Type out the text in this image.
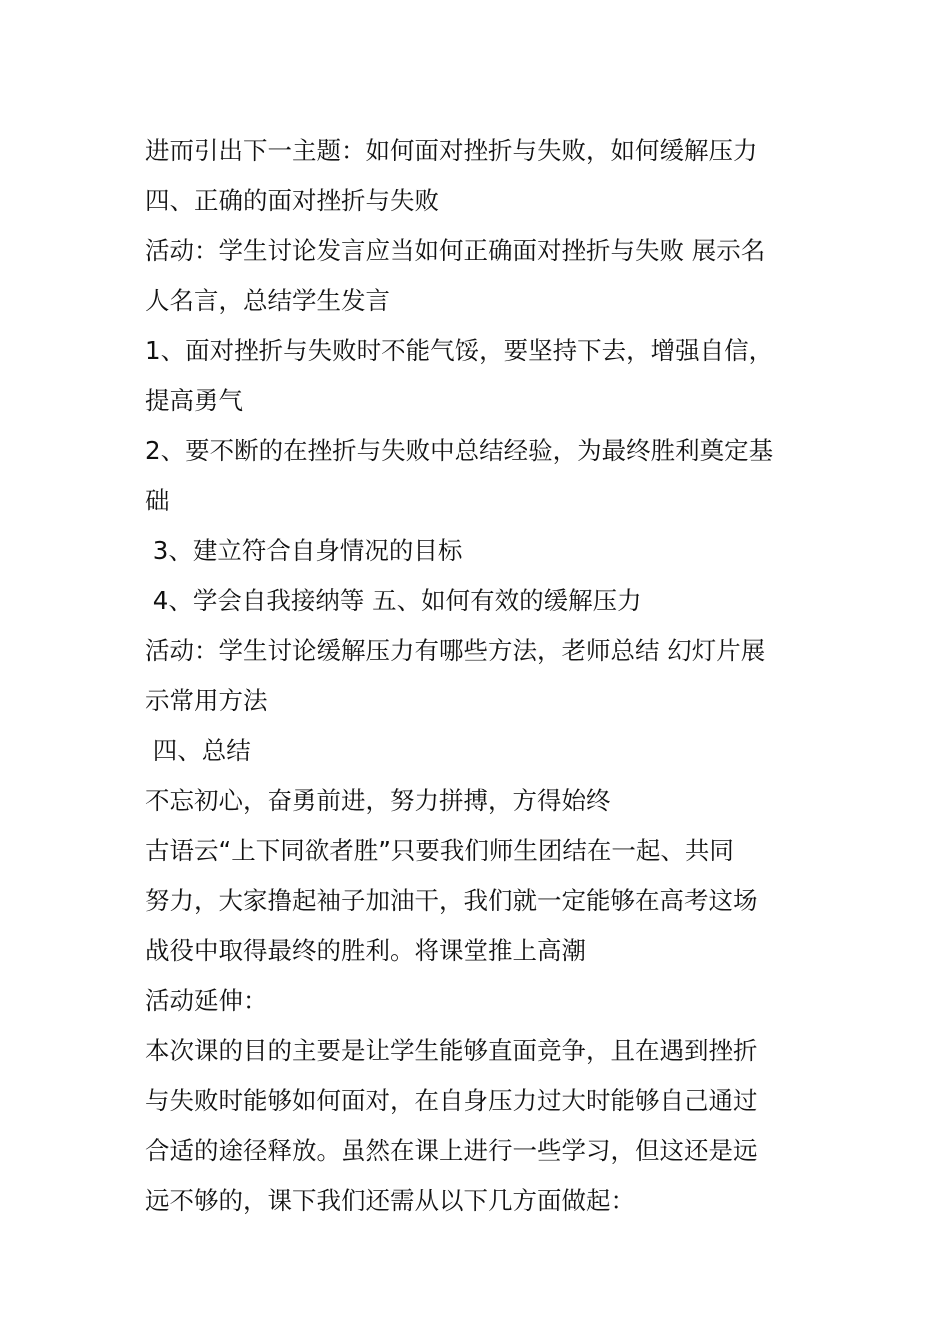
进而引出下一主题：如何面对挫折与失败，如何缓解压力
四、正确的面对挫折与失败
活动：学生讨论发言应当如何正确面对挫折与失败 展示名
人名言，总结学生发言
1、面对挫折与失败时不能气馁，要坚持下去，增强自信，
提高勇气
2、要不断的在挫折与失败中总结经验，为最终胜利奠定基
础
3、建立符合自身情况的目标
4、学会自我接纳等 五、如何有效的缓解压力
活动：学生讨论缓解压力有哪些方法，老师总结 幻灯片展
示常用方法
四、总结
不忘初心，奋勇前进，努力拼搏，方得始终
古语云“上下同欲者胜”只要我们师生团结在一起、共同
努力，大家撸起袖子加油干，我们就一定能够在高考这场
战役中取得最终的胜利。将课堂推上高潮
活动延伸：
本次课的目的主要是让学生能够直面竞争，且在遇到挫折
与失败时能够如何面对，在自身压力过大时能够自己通过
合适的途径释放。虽然在课上进行一些学习，但这还是远
远不够的，课下我们还需从以下几方面做起：
